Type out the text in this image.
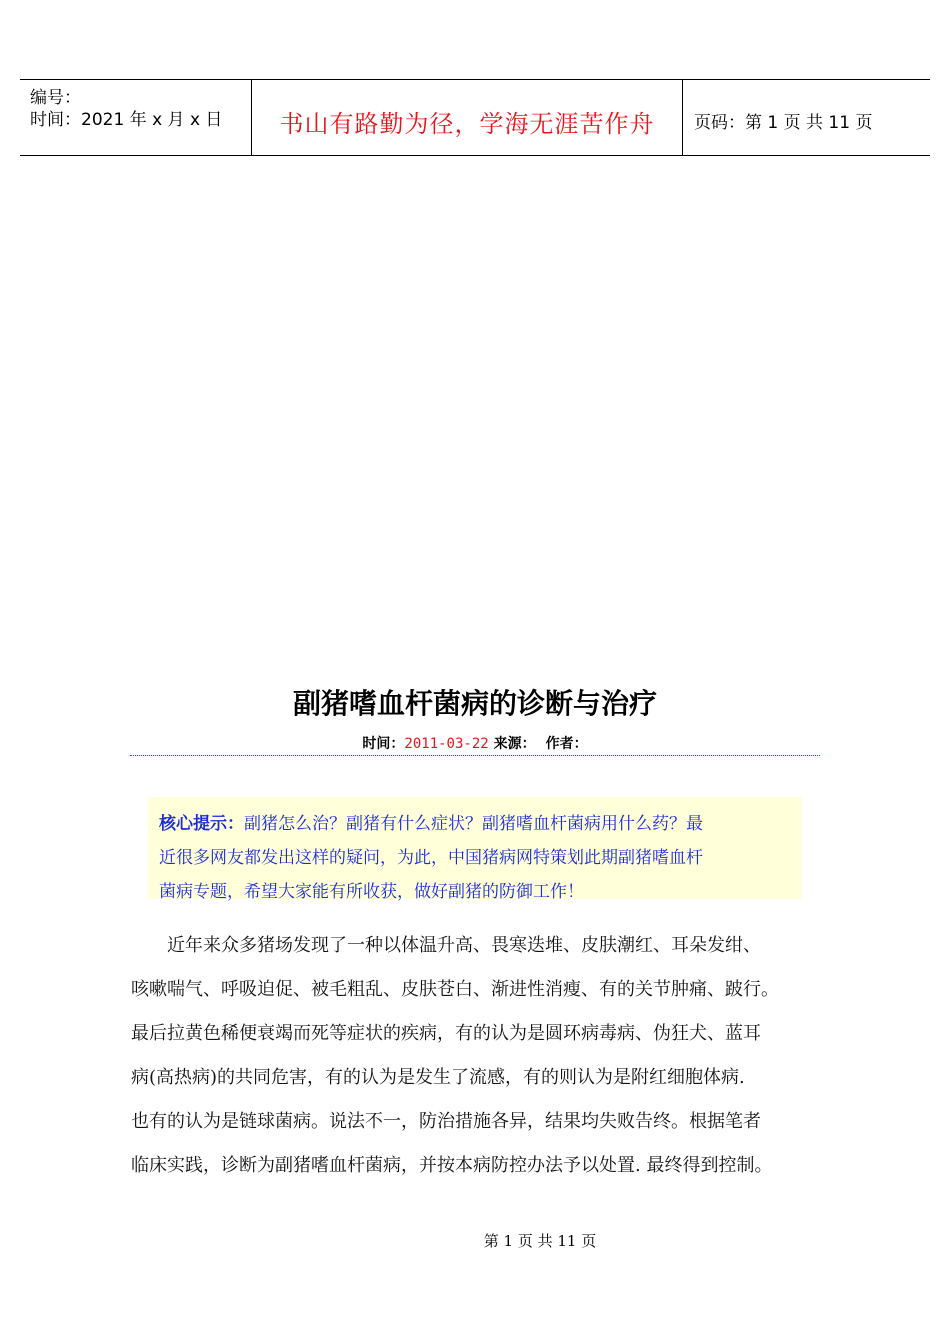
编号：
时间：2021 年 x 月 x 日	书山有路勤为径，学海无涯苦作舟	页码：第 1 页 共 11 页
副猪嗜血杆菌病的诊断与治疗
时间：2011-03-22 来源： 作者：
核心提示：副猪怎么治？副猪有什么症状？副猪嗜血杆菌病用什么药？最
近很多网友都发出这样的疑问，为此，中国猪病网特策划此期副猪嗜血杆
菌病专题，希望大家能有所收获，做好副猪的防御工作！
　　近年来众多猪场发现了一种以体温升高、畏寒迭堆、皮肤潮红、耳朵发绀、
咳嗽喘气、呼吸迫促、被毛粗乱、皮肤苍白、渐进性消瘦、有的关节肿痛、跛行。
最后拉黄色稀便衰竭而死等症状的疾病，有的认为是圆环病毒病、伪狂犬、蓝耳
病(高热病)的共同危害，有的认为是发生了流感，有的则认为是附红细胞体病.
也有的认为是链球菌病。说法不一，防治措施各异，结果均失败告终。根据笔者
临床实践，诊断为副猪嗜血杆菌病，并按本病防控办法予以处置. 最终得到控制。
第 1 页 共 11 页
